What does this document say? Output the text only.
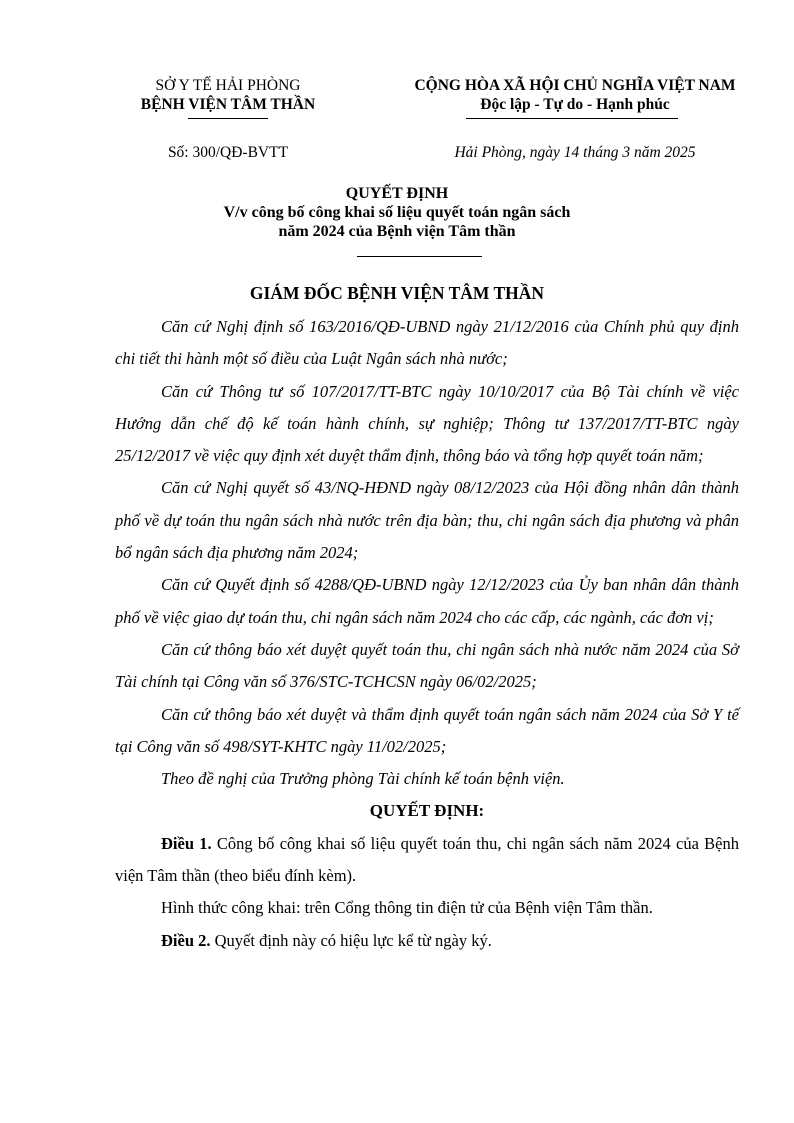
SỞ Y TẾ HẢI PHÒNG
BỆNH VIỆN TÂM THẦN
CỘNG HÒA XÃ HỘI CHỦ NGHĨA VIỆT NAM
Độc lập - Tự do - Hạnh phúc
Số: 300/QĐ-BVTT	Hải Phòng, ngày 14 tháng 3 năm 2025
QUYẾT ĐỊNH
V/v công bố công khai số liệu quyết toán ngân sách
năm 2024 của Bệnh viện Tâm thần
GIÁM ĐỐC BỆNH VIỆN TÂM THẦN

Căn cứ Nghị định số 163/2016/QĐ-UBND ngày 21/12/2016 của Chính phủ quy định chi tiết thi hành một số điều của Luật Ngân sách nhà nước;

Căn cứ Thông tư số 107/2017/TT-BTC ngày 10/10/2017 của Bộ Tài chính về việc Hướng dẫn chế độ kế toán hành chính, sự nghiệp; Thông tư 137/2017/TT-BTC ngày 25/12/2017 về việc quy định xét duyệt thẩm định, thông báo và tổng hợp quyết toán năm;

Căn cứ Nghị quyết số 43/NQ-HĐND ngày 08/12/2023 của Hội đồng nhân dân thành phố về dự toán thu ngân sách nhà nước trên địa bàn; thu, chi ngân sách địa phương và phân bổ ngân sách địa phương năm 2024;

Căn cứ Quyết định số 4288/QĐ-UBND ngày 12/12/2023 của Ủy ban nhân dân thành phố về việc giao dự toán thu, chi ngân sách năm 2024 cho các cấp, các ngành, các đơn vị;

Căn cứ thông báo xét duyệt quyết toán thu, chi ngân sách nhà nước năm 2024 của Sở Tài chính tại Công văn số 376/STC-TCHCSN ngày 06/02/2025;

Căn cứ thông báo xét duyệt và thẩm định quyết toán ngân sách năm 2024 của Sở Y tế tại Công văn số 498/SYT-KHTC ngày 11/02/2025;

Theo đề nghị của Trưởng phòng Tài chính kế toán bệnh viện.

QUYẾT ĐỊNH:

Điều 1. Công bố công khai số liệu quyết toán thu, chi ngân sách năm 2024 của Bệnh viện Tâm thần (theo biểu đính kèm).

Hình thức công khai: trên Cổng thông tin điện tử của Bệnh viện Tâm thần.

Điều 2. Quyết định này có hiệu lực kể từ ngày ký.
